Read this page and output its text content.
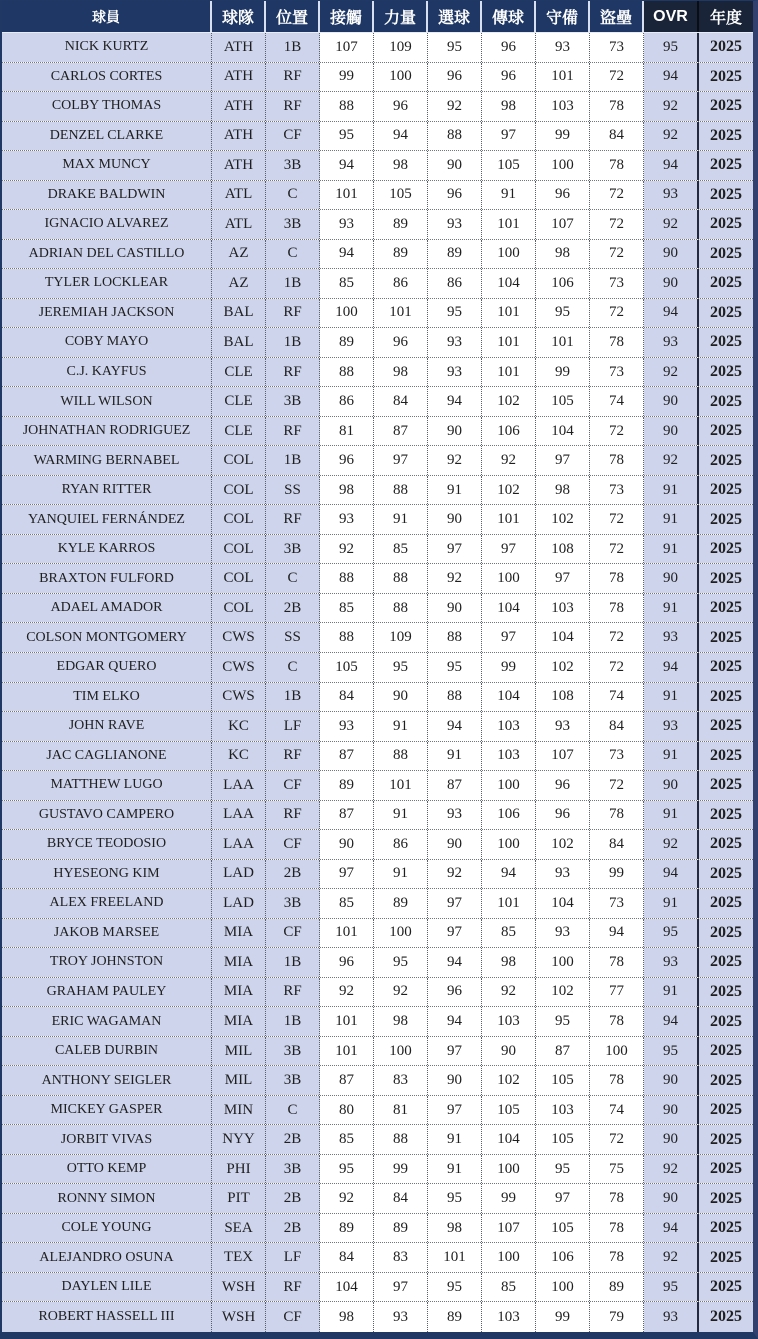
球員	球隊	位置	接觸	力量	選球	傳球	守備	盜壘	OVR	年度
NICK KURTZ	ATH	1B	107	109	95	96	93	73	95	2025
CARLOS CORTES	ATH	RF	99	100	96	96	101	72	94	2025
COLBY THOMAS	ATH	RF	88	96	92	98	103	78	92	2025
DENZEL CLARKE	ATH	CF	95	94	88	97	99	84	92	2025
MAX MUNCY	ATH	3B	94	98	90	105	100	78	94	2025
DRAKE BALDWIN	ATL	C	101	105	96	91	96	72	93	2025
IGNACIO ALVAREZ	ATL	3B	93	89	93	101	107	72	92	2025
ADRIAN DEL CASTILLO	AZ	C	94	89	89	100	98	72	90	2025
TYLER LOCKLEAR	AZ	1B	85	86	86	104	106	73	90	2025
JEREMIAH JACKSON	BAL	RF	100	101	95	101	95	72	94	2025
COBY MAYO	BAL	1B	89	96	93	101	101	78	93	2025
C.J. KAYFUS	CLE	RF	88	98	93	101	99	73	92	2025
WILL WILSON	CLE	3B	86	84	94	102	105	74	90	2025
JOHNATHAN RODRIGUEZ	CLE	RF	81	87	90	106	104	72	90	2025
WARMING BERNABEL	COL	1B	96	97	92	92	97	78	92	2025
RYAN RITTER	COL	SS	98	88	91	102	98	73	91	2025
YANQUIEL FERNÁNDEZ	COL	RF	93	91	90	101	102	72	91	2025
KYLE KARROS	COL	3B	92	85	97	97	108	72	91	2025
BRAXTON FULFORD	COL	C	88	88	92	100	97	78	90	2025
ADAEL AMADOR	COL	2B	85	88	90	104	103	78	91	2025
COLSON MONTGOMERY	CWS	SS	88	109	88	97	104	72	93	2025
EDGAR QUERO	CWS	C	105	95	95	99	102	72	94	2025
TIM ELKO	CWS	1B	84	90	88	104	108	74	91	2025
JOHN RAVE	KC	LF	93	91	94	103	93	84	93	2025
JAC CAGLIANONE	KC	RF	87	88	91	103	107	73	91	2025
MATTHEW LUGO	LAA	CF	89	101	87	100	96	72	90	2025
GUSTAVO CAMPERO	LAA	RF	87	91	93	106	96	78	91	2025
BRYCE TEODOSIO	LAA	CF	90	86	90	100	102	84	92	2025
HYESEONG KIM	LAD	2B	97	91	92	94	93	99	94	2025
ALEX FREELAND	LAD	3B	85	89	97	101	104	73	91	2025
JAKOB MARSEE	MIA	CF	101	100	97	85	93	94	95	2025
TROY JOHNSTON	MIA	1B	96	95	94	98	100	78	93	2025
GRAHAM PAULEY	MIA	RF	92	92	96	92	102	77	91	2025
ERIC WAGAMAN	MIA	1B	101	98	94	103	95	78	94	2025
CALEB DURBIN	MIL	3B	101	100	97	90	87	100	95	2025
ANTHONY SEIGLER	MIL	3B	87	83	90	102	105	78	90	2025
MICKEY GASPER	MIN	C	80	81	97	105	103	74	90	2025
JORBIT VIVAS	NYY	2B	85	88	91	104	105	72	90	2025
OTTO KEMP	PHI	3B	95	99	91	100	95	75	92	2025
RONNY SIMON	PIT	2B	92	84	95	99	97	78	90	2025
COLE YOUNG	SEA	2B	89	89	98	107	105	78	94	2025
ALEJANDRO OSUNA	TEX	LF	84	83	101	100	106	78	92	2025
DAYLEN LILE	WSH	RF	104	97	95	85	100	89	95	2025
ROBERT HASSELL III	WSH	CF	98	93	89	103	99	79	93	2025
